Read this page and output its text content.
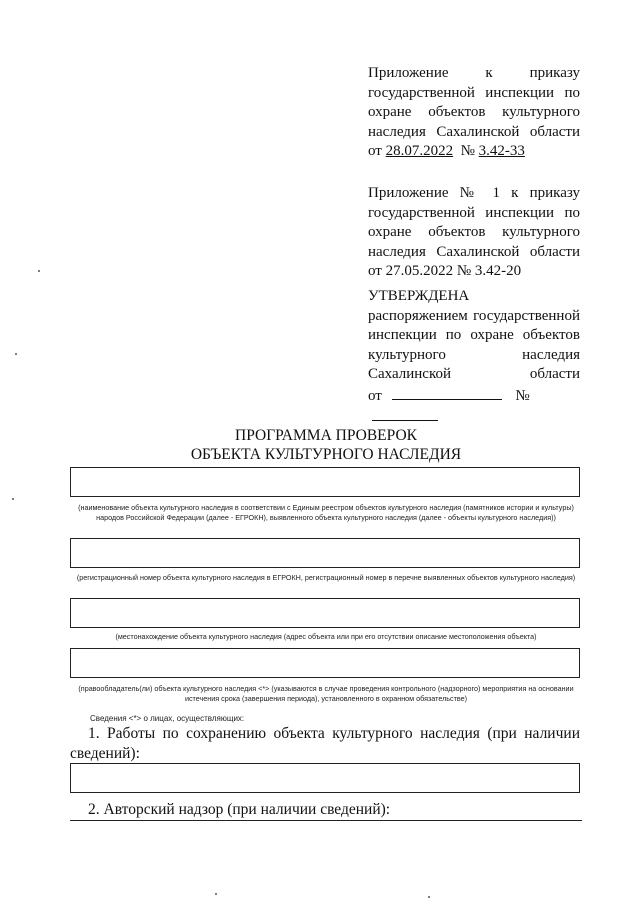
Приложение к приказу
государственной инспекции по
охране объектов культурного
наследия Сахалинской области
от 28.07.2022 № 3.42-33
Приложение № 1 к приказу
государственной инспекции по
охране объектов культурного
наследия Сахалинской области
от 27.05.2022 № 3.42-20
УТВЕРЖДЕНА
распоряжением государственной
инспекции по охране объектов
культурного наследия
Сахалинской области
от	№
ПРОГРАММА ПРОВЕРОК
ОБЪЕКТА КУЛЬТУРНОГО НАСЛЕДИЯ
(наименование объекта культурного наследия в соответствии с Единым реестром объектов культурного наследия (памятников истории и культуры) народов Российской Федерации (далее - ЕГРОКН), выявленного объекта культурного наследия (далее - объекты культурного наследия))
(регистрационный номер объекта культурного наследия в ЕГРОКН, регистрационный номер в перечне выявленных объектов культурного наследия)
(местонахождение объекта культурного наследия (адрес объекта или при его отсутствии описание местоположения объекта)
(правообладатель(ли) объекта культурного наследия <*> (указываются в случае проведения контрольного (надзорного) мероприятия на основании истечения срока (завершения периода), установленного в охранном обязательстве)
Сведения <*> о лицах, осуществляющих:
1. Работы по сохранению объекта культурного наследия (при наличии сведений):
2. Авторский надзор (при наличии сведений):
